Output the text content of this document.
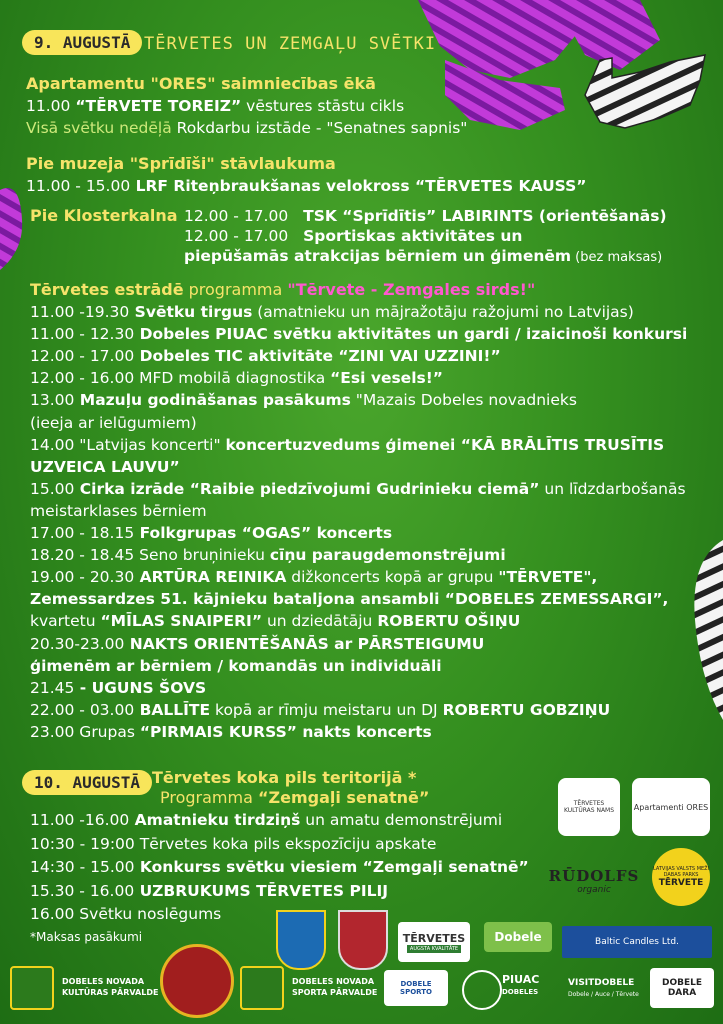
9. AUGUSTĀ TĒRVETES UN ZEMGAĻU SVĒTKI
Apartamentu "ORES" saimniecības ēkā
11.00 “TĒRVETE TOREIZ” vēstures stāstu cikls
Visā svētku nedēļā Rokdarbu izstāde - "Senatnes sapnis"
Pie muzeja "Sprīdīši" stāvlaukuma
11.00 - 15.00 LRF Riteņbraukšanas velokross “TĒRVETES KAUSS”
Pie Klosterkalna 12.00 - 17.00 TSK “Sprīdītis” LABIRINTS (orientēšanās)
12.00 - 17.00 Sportiskas aktivitātes un
piepūšamās atrakcijas bērniem un ģimenēm (bez maksas)
Tērvetes estrādē programma "Tērvete - Zemgales sirds!"
11.00 -19.30 Svētku tirgus (amatnieku un mājražotāju ražojumi no Latvijas)
11.00 - 12.30 Dobeles PIUAC svētku aktivitātes un gardi / izaicinoši konkursi
12.00 - 17.00 Dobeles TIC aktivitāte “ZINI VAI UZZINI!”
12.00 - 16.00 MFD mobilā diagnostika “Esi vesels!”
13.00 Mazuļu godināšanas pasākums "Mazais Dobeles novadnieks
(ieeja ar ielūgumiem)
14.00 "Latvijas koncerti" koncertuzvedums ģimenei “KĀ BRĀLĪTIS TRUSĪTIS
UZVEICA LAUVU”
15.00 Cirka izrāde “Raibie piedzīvojumi Gudrinieku ciemā” un līdzdarbošanās
meistarklases bērniem
17.00 - 18.15 Folkgrupas “OGAS” koncerts
18.20 - 18.45 Seno bruņinieku cīņu paraugdemonstrējumi
19.00 - 20.30 ARTŪRA REINIKA dižkoncerts kopā ar grupu "TĒRVETE",
Zemessardzes 51. kājnieku bataljona ansambli “DOBELES ZEMESSARGI”,
kvartetu “MĪLAS SNAIPERI” un dziedātāju ROBERTU OŠIŅU
20.30-23.00 NAKTS ORIENTĒŠANĀS ar PĀRSTEIGUMU
ģimenēm ar bērniem / komandās un individuāli
21.45 - UGUNS ŠOVS
22.00 - 03.00 BALLĪTE kopā ar rīmju meistaru un DJ ROBERTU GOBZIŅU
23.00 Grupas “PIRMAIS KURSS” nakts koncerts
10. AUGUSTĀ Tērvetes koka pils teritorijā *
Programma “Zemgaļi senatnē”
11.00 -16.00 Amatnieku tirdziņš un amatu demonstrējumi
10:30 - 19:00 Tērvetes koka pils ekspozīciju apskate
14:30 - 15.00 Konkurss svētku viesiem “Zemgaļi senatnē”
15.30 - 16.00 UZBRUKUMS TĒRVETES PILIJ
16.00 Svētku noslēgums
*Maksas pasākumi
TĒRVETES KULTŪRAS NAMS	Apartamenti ORES
RŪDOLFS
organic
LATVIJAS VALSTS MEŽI
DABAS PARKS
TĒRVETE
TĒRVETES
AUGSTA KVALITĀTE
Dobele	Baltic Candles Ltd.
DOBELES NOVADA
KULTŪRAS PĀRVALDE
DOBELES NOVADA
SPORTA PĀRVALDE
DOBELE SPORTO
PIUAC
DOBELES
VISITDOBELE
Dobele / Auce / Tērvete
DOBELE
DARA
